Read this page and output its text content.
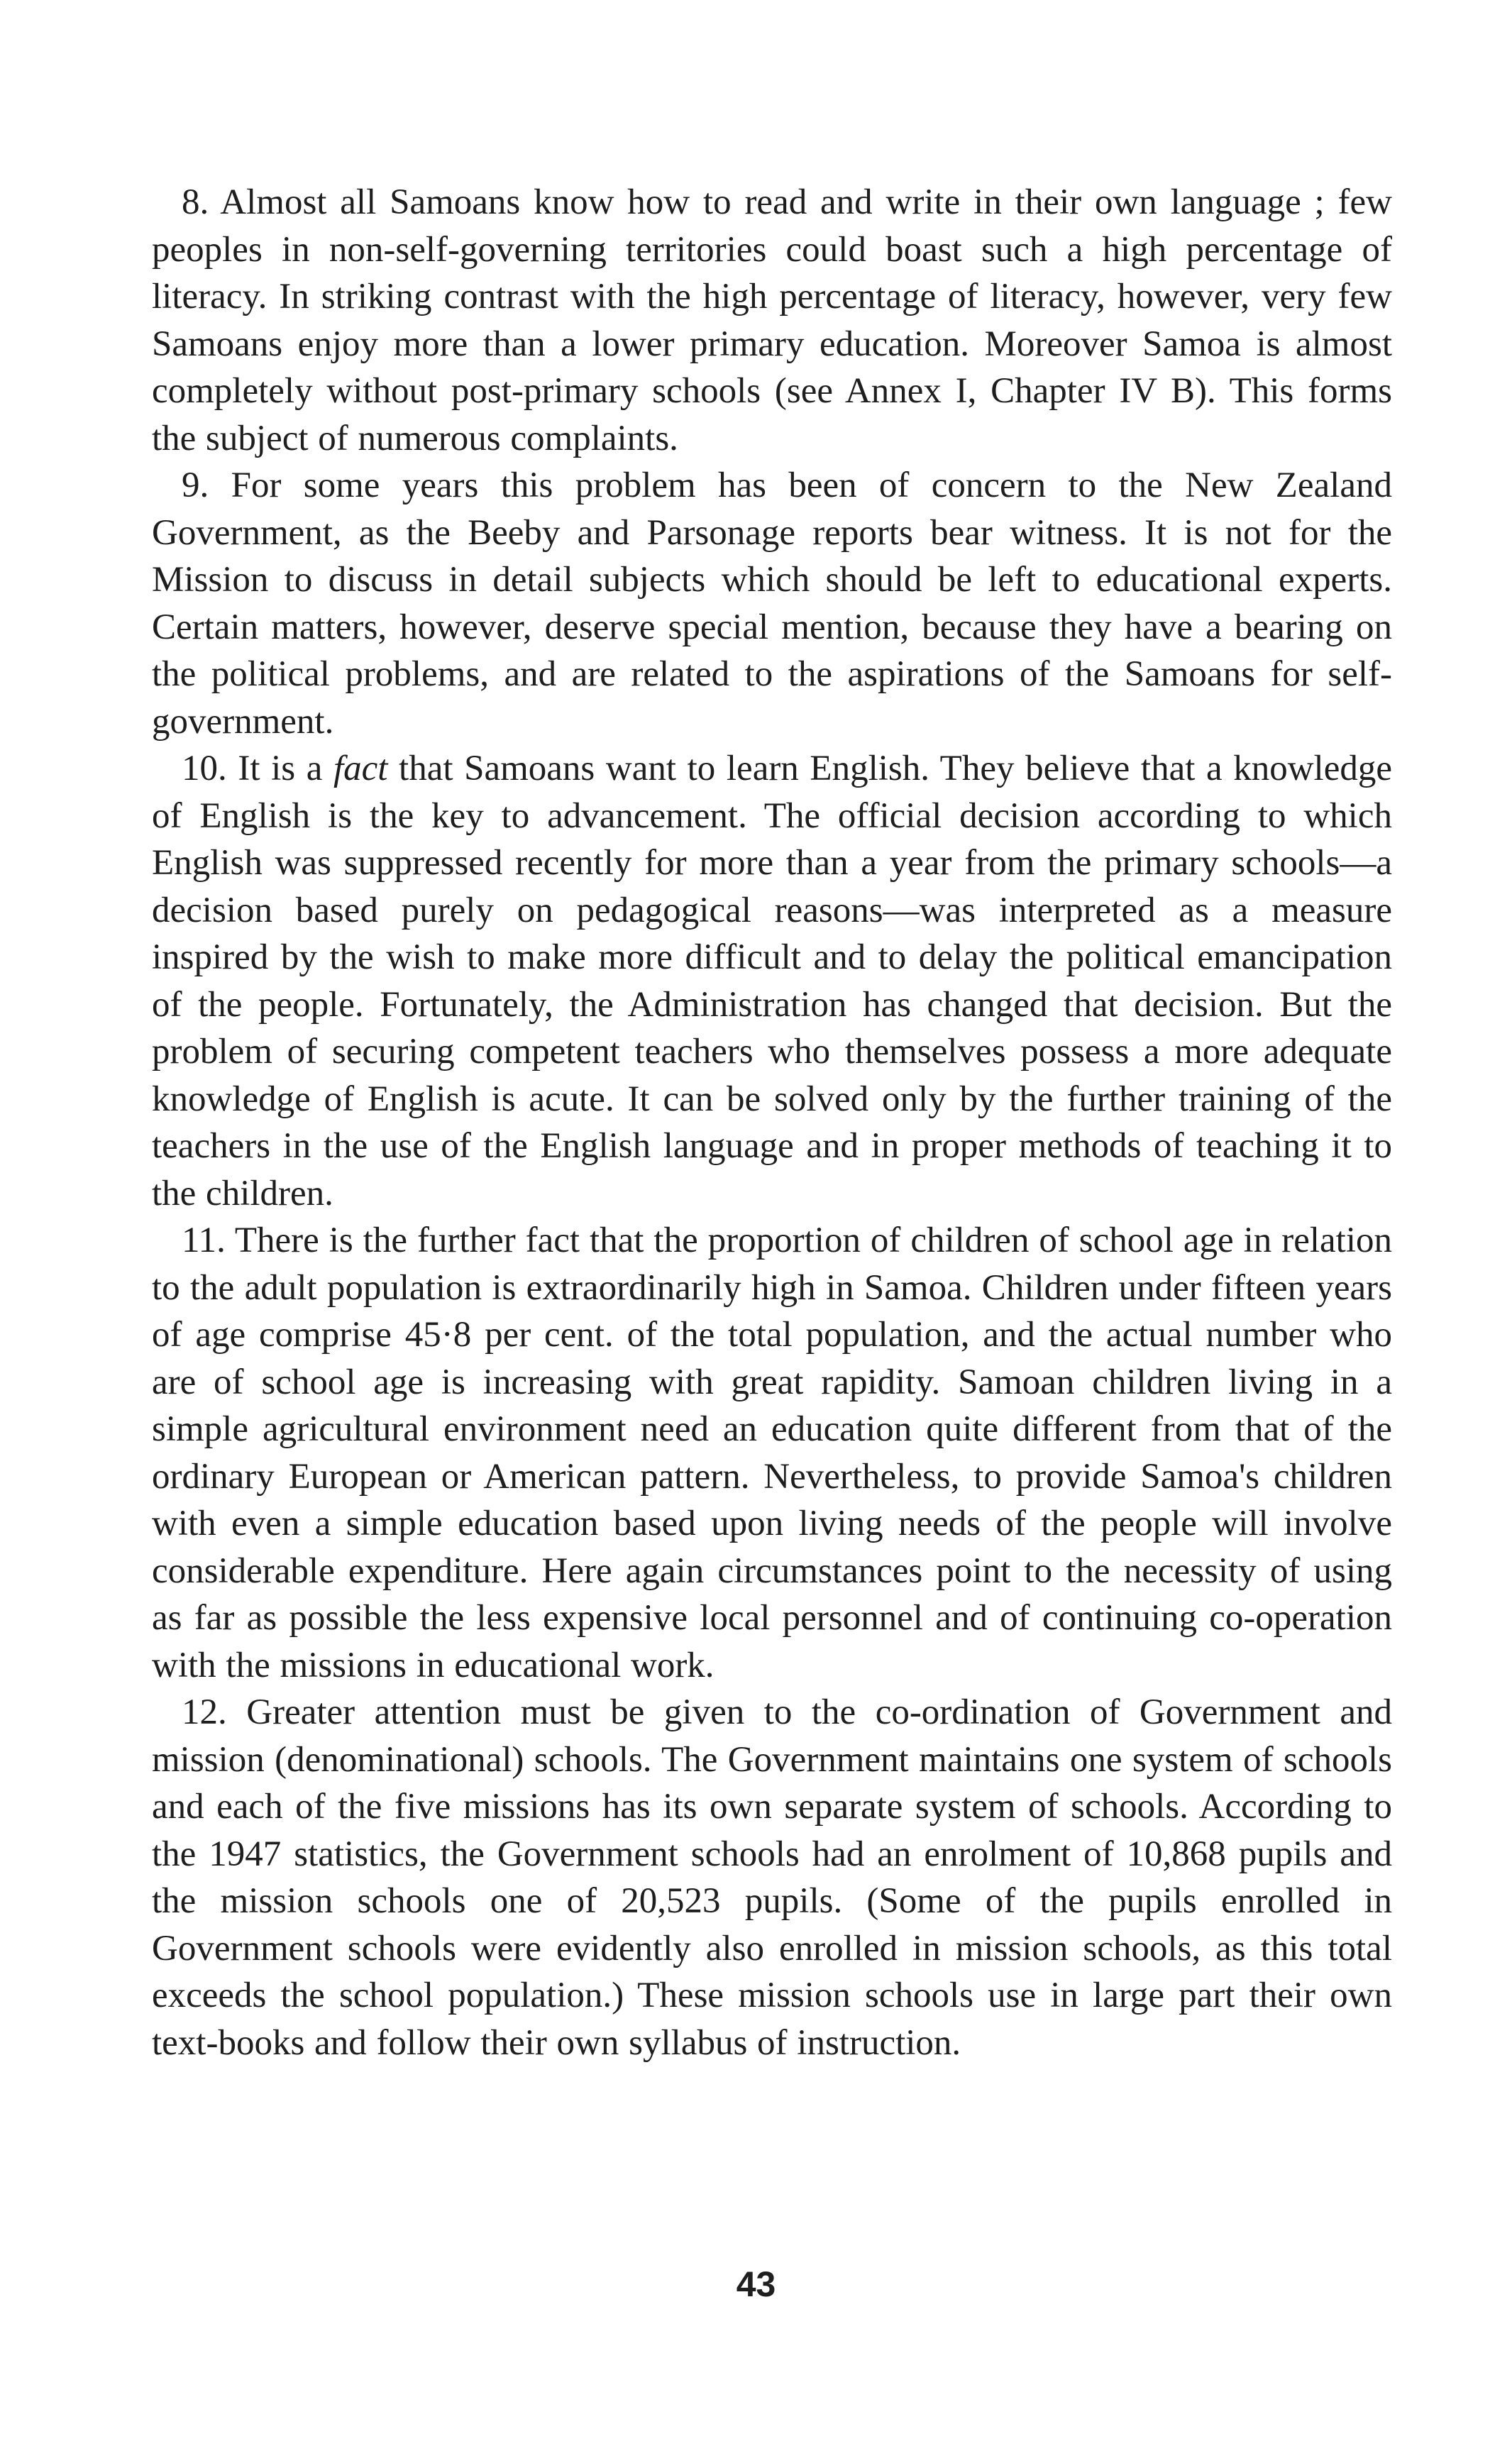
8. Almost all Samoans know how to read and write in their own language ; few peoples in non-self-governing territories could boast such a high percentage of literacy. In striking contrast with the high percentage of literacy, however, very few Samoans enjoy more than a lower primary education. Moreover Samoa is almost completely without post-primary schools (see Annex I, Chapter IV B). This forms the subject of numerous complaints.

9. For some years this problem has been of concern to the New Zealand Government, as the Beeby and Parsonage reports bear witness. It is not for the Mission to discuss in detail subjects which should be left to educational experts. Certain matters, however, deserve special mention, because they have a bearing on the political problems, and are related to the aspirations of the Samoans for self-government.

10. It is a fact that Samoans want to learn English. They believe that a knowledge of English is the key to advancement. The official decision according to which English was suppressed recently for more than a year from the primary schools—a decision based purely on pedagogical reasons—was interpreted as a measure inspired by the wish to make more difficult and to delay the political emancipation of the people. Fortunately, the Administration has changed that decision. But the problem of securing competent teachers who themselves possess a more adequate knowledge of English is acute. It can be solved only by the further training of the teachers in the use of the English language and in proper methods of teaching it to the children.

11. There is the further fact that the proportion of children of school age in relation to the adult population is extraordinarily high in Samoa. Children under fifteen years of age comprise 45·8 per cent. of the total population, and the actual number who are of school age is increasing with great rapidity. Samoan children living in a simple agricultural environment need an education quite different from that of the ordinary European or American pattern. Nevertheless, to provide Samoa's children with even a simple education based upon living needs of the people will involve considerable expenditure. Here again circumstances point to the necessity of using as far as possible the less expensive local personnel and of continuing co-operation with the missions in educational work.

12. Greater attention must be given to the co-ordination of Government and mission (denominational) schools. The Government maintains one system of schools and each of the five missions has its own separate system of schools. According to the 1947 statistics, the Government schools had an enrolment of 10,868 pupils and the mission schools one of 20,523 pupils. (Some of the pupils enrolled in Government schools were evidently also enrolled in mission schools, as this total exceeds the school population.) These mission schools use in large part their own text-books and follow their own syllabus of instruction.

43
